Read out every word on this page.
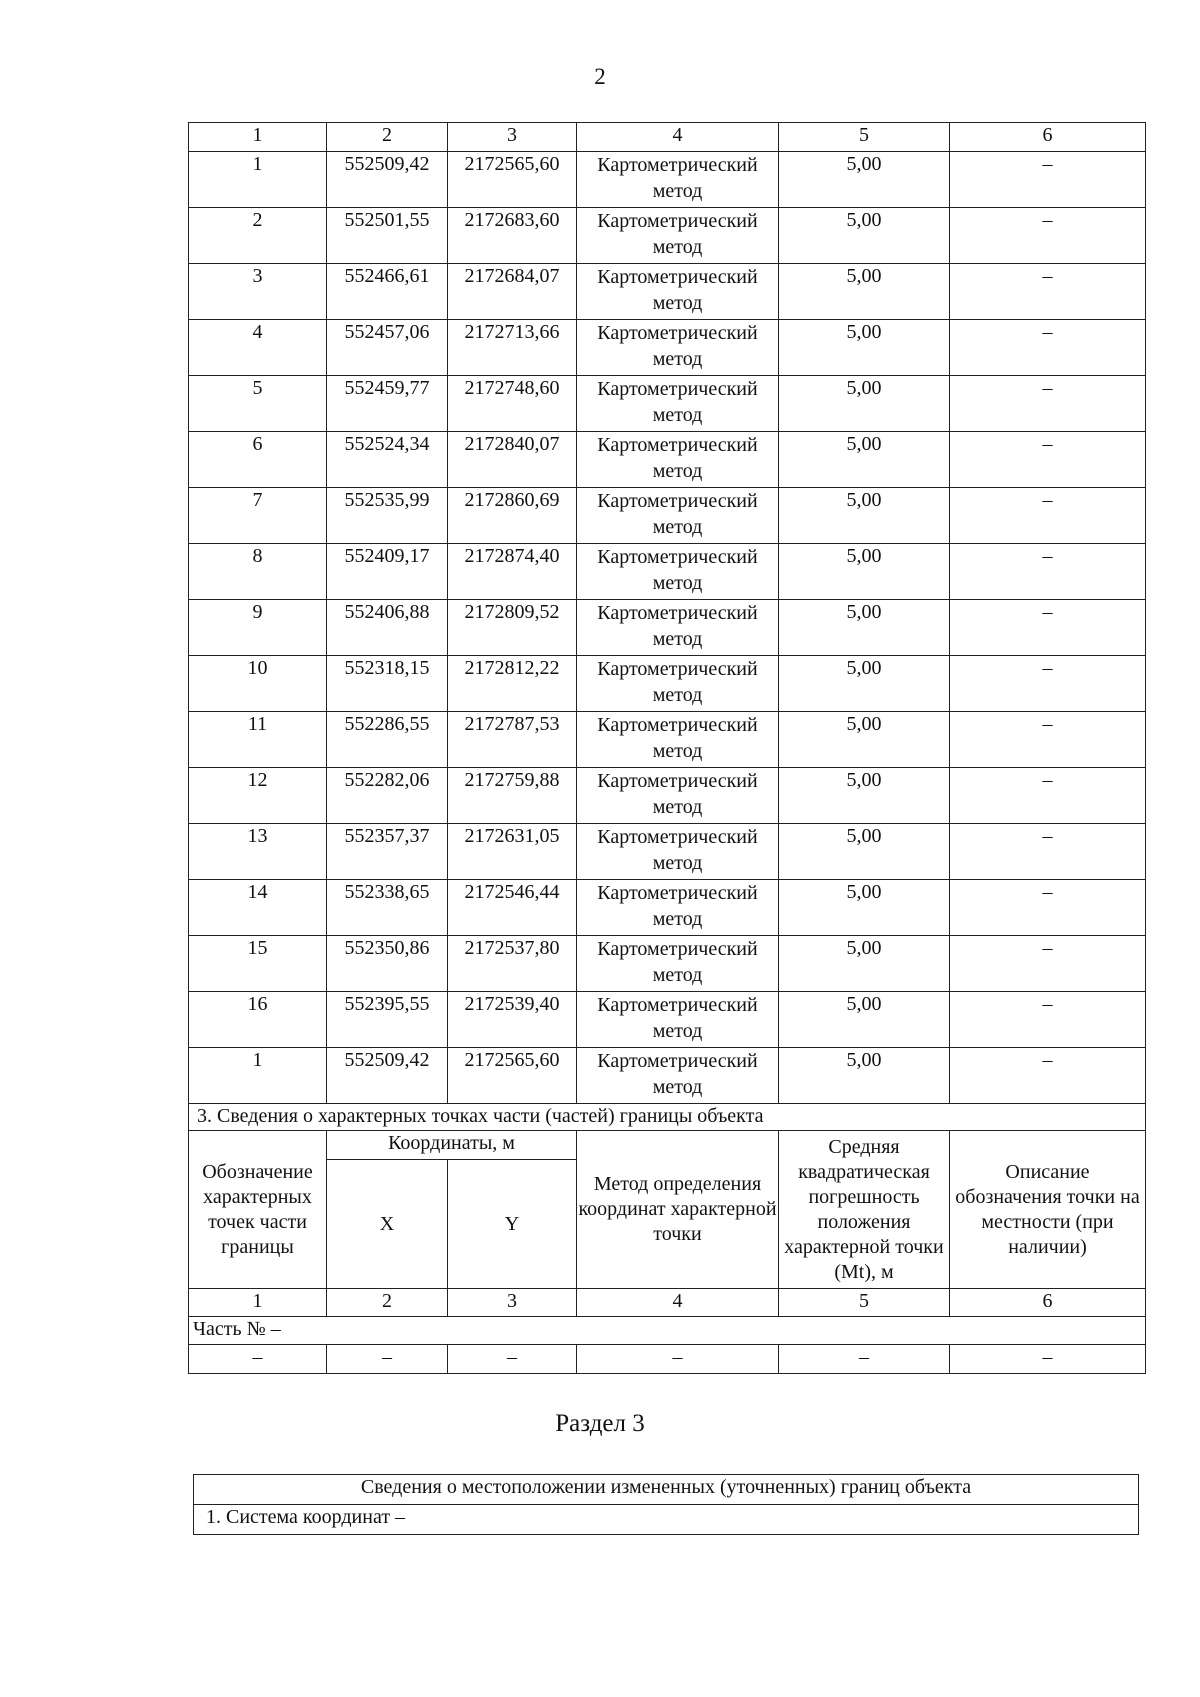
2
1	2	3	4	5	6
1	552509,42	2172565,60	Картометрический метод	5,00	–
2	552501,55	2172683,60	Картометрический метод	5,00	–
3	552466,61	2172684,07	Картометрический метод	5,00	–
4	552457,06	2172713,66	Картометрический метод	5,00	–
5	552459,77	2172748,60	Картометрический метод	5,00	–
6	552524,34	2172840,07	Картометрический метод	5,00	–
7	552535,99	2172860,69	Картометрический метод	5,00	–
8	552409,17	2172874,40	Картометрический метод	5,00	–
9	552406,88	2172809,52	Картометрический метод	5,00	–
10	552318,15	2172812,22	Картометрический метод	5,00	–
11	552286,55	2172787,53	Картометрический метод	5,00	–
12	552282,06	2172759,88	Картометрический метод	5,00	–
13	552357,37	2172631,05	Картометрический метод	5,00	–
14	552338,65	2172546,44	Картометрический метод	5,00	–
15	552350,86	2172537,80	Картометрический метод	5,00	–
16	552395,55	2172539,40	Картометрический метод	5,00	–
1	552509,42	2172565,60	Картометрический метод	5,00	–
3. Сведения о характерных точках части (частей) границы объекта					
Обозначение характерных точек части границы	Координаты, м		Метод определения координат характерной точки	Средняя квадратическая погрешность положения характерной точки (Mt), м	Описание обозначения точки на местности (при наличии)
	X	Y			
1	2	3	4	5	6
Часть № –					
–	–	–	–	–	–
Раздел 3
Сведения о местоположении измененных (уточненных) границ объекта
1. Система координат –
